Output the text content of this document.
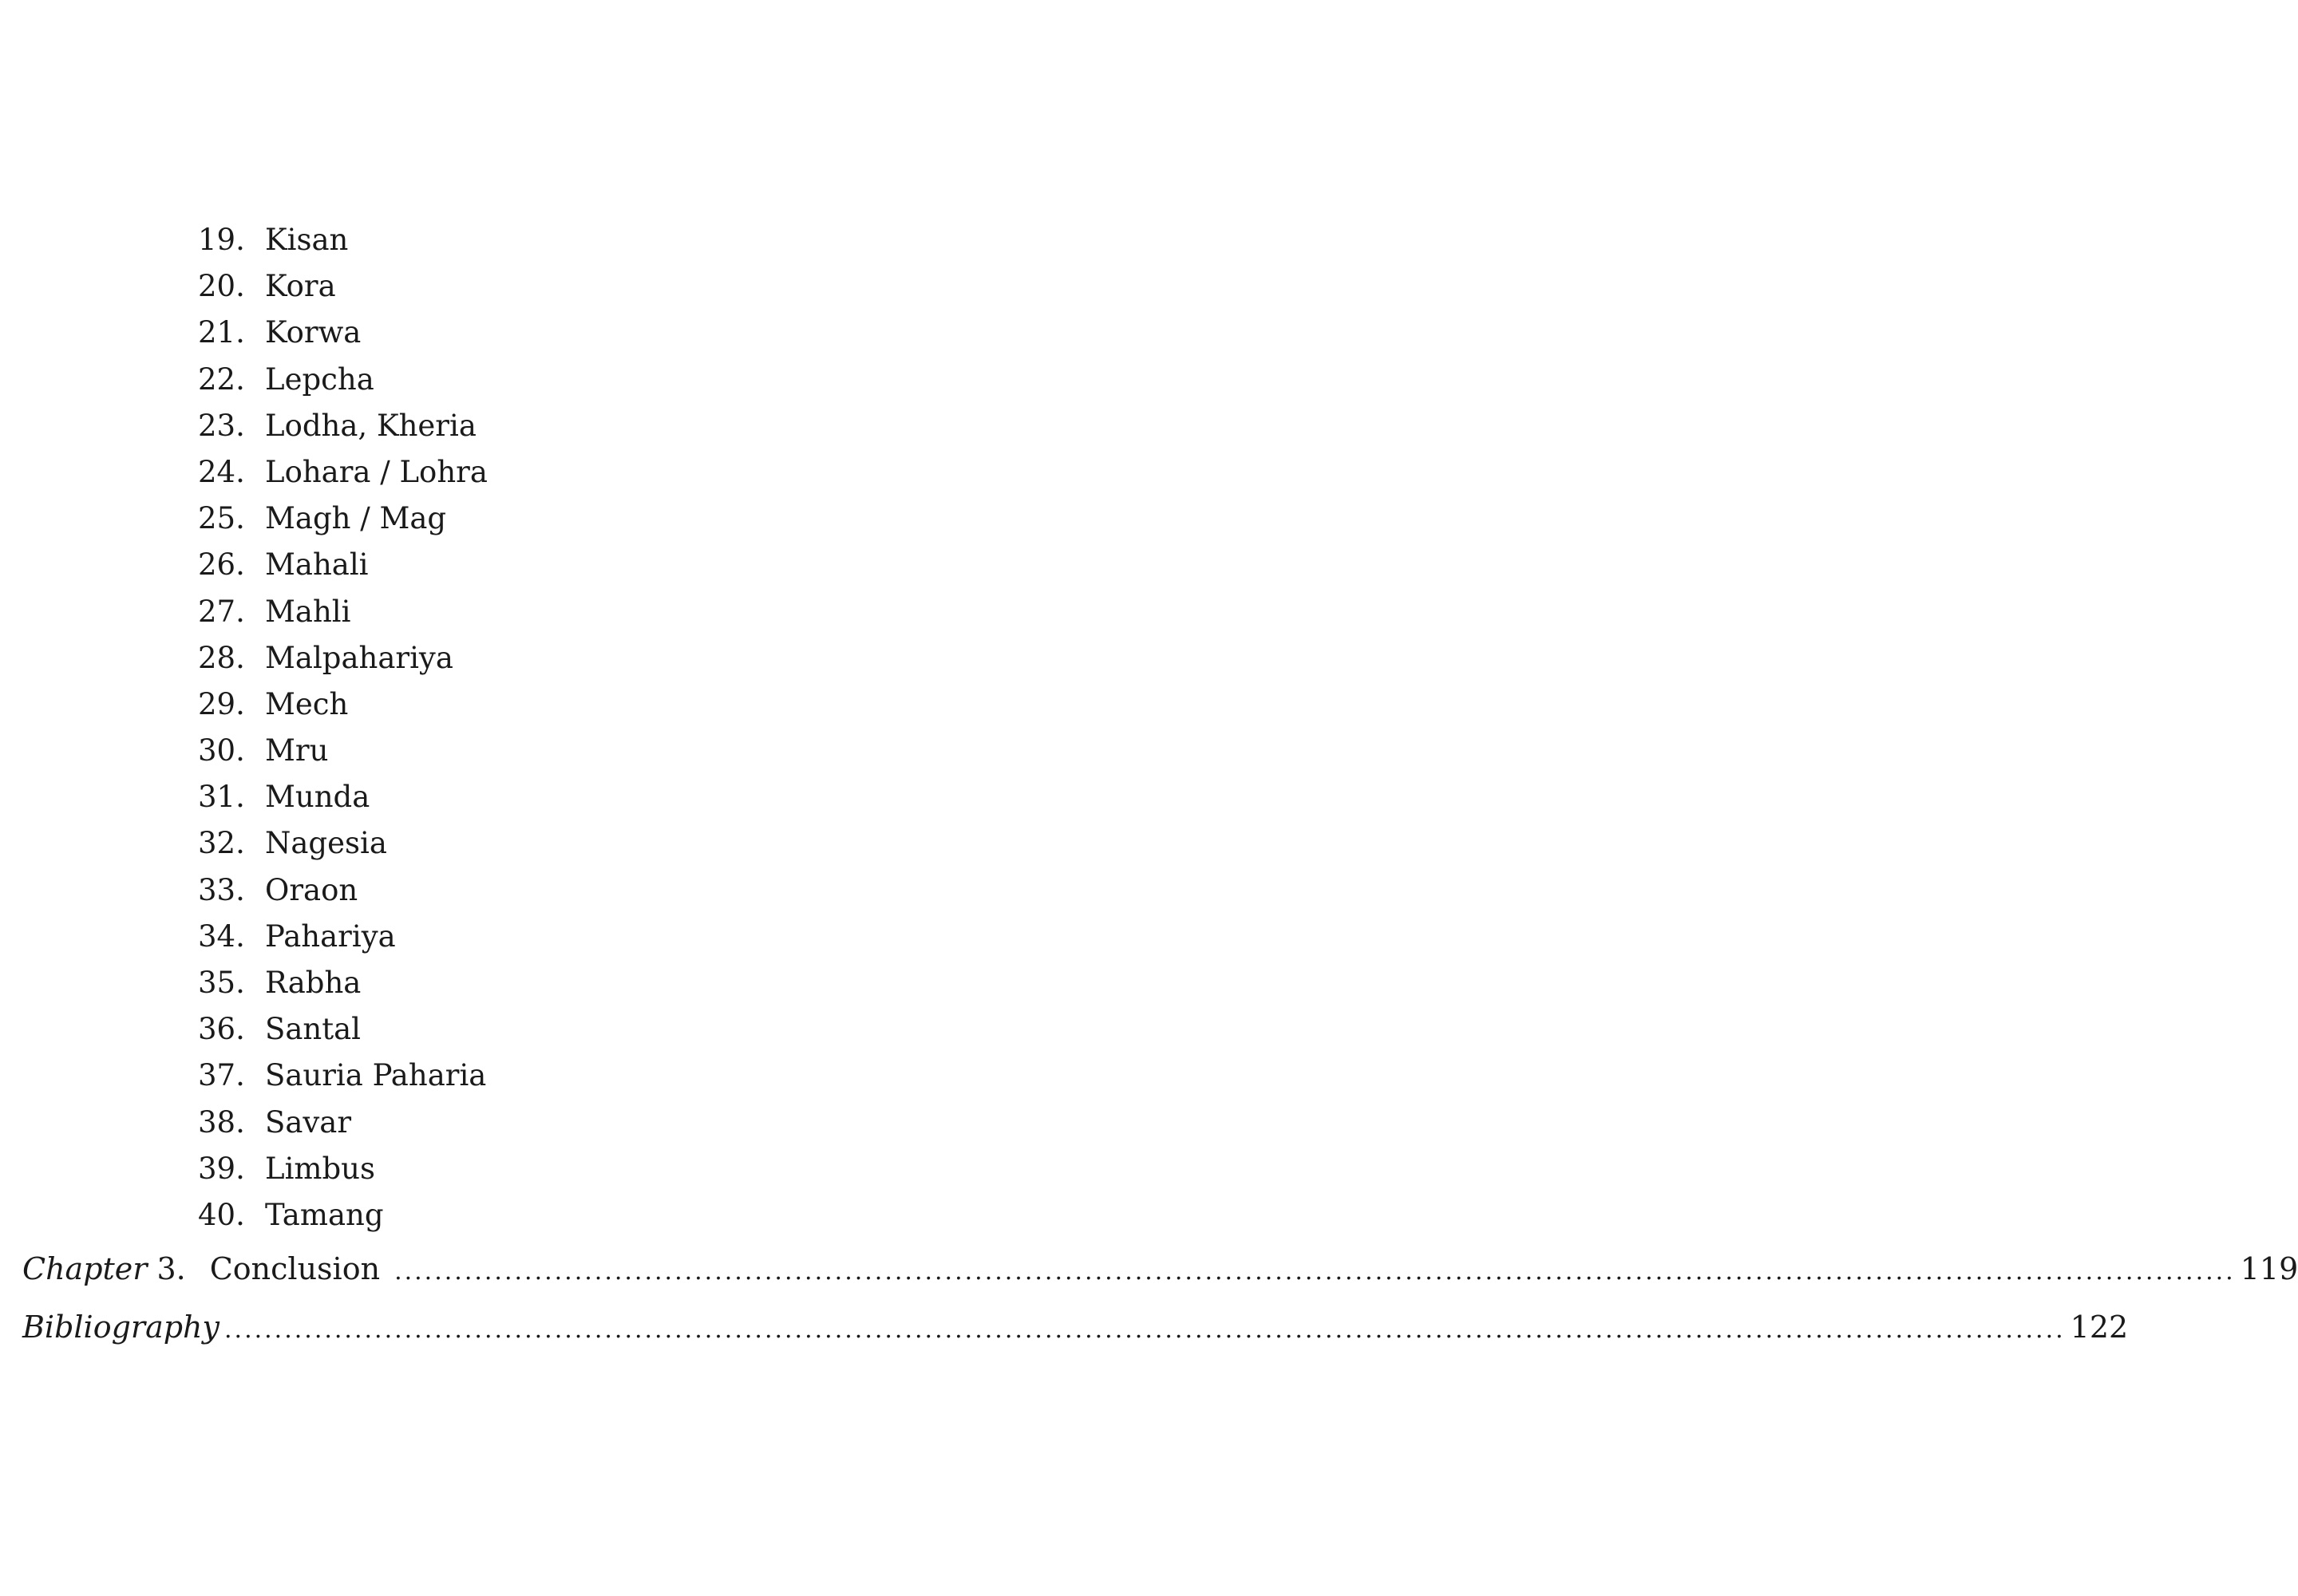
19. Kisan
20. Kora
21. Korwa
22. Lepcha
23. Lodha, Kheria
24. Lohara / Lohra
25. Magh / Mag
26. Mahali
27. Mahli
28. Malpahariya
29. Mech
30. Mru
31. Munda
32. Nagesia
33. Oraon
34. Pahariya
35. Rabha
36. Santal
37. Sauria Paharia
38. Savar
39. Limbus
40. Tamang
Chapter 3. Conclusion ........................................................................................................................................................................................ 119
Bibliography ........................................................................................................................................................................................ 122
